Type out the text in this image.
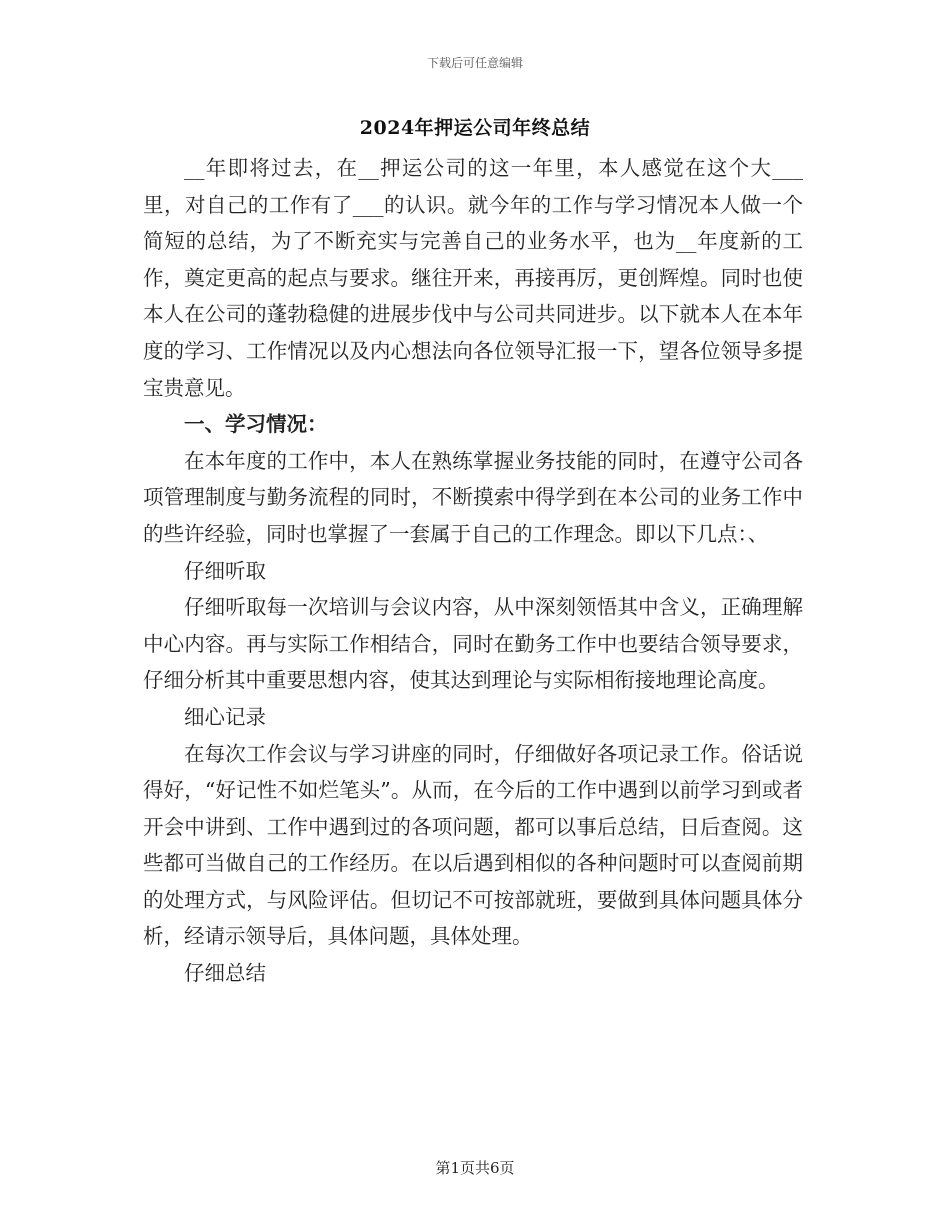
下载后可任意编辑
2024年押运公司年终总结

__年即将过去，在__押运公司的这一年里，本人感觉在这个大___里，对自己的工作有了___的认识。就今年的工作与学习情况本人做一个简短的总结，为了不断充实与完善自己的业务水平，也为__年度新的工作，奠定更高的起点与要求。继往开来，再接再厉，更创辉煌。同时也使本人在公司的蓬勃稳健的进展步伐中与公司共同进步。以下就本人在本年度的学习、工作情况以及内心想法向各位领导汇报一下，望各位领导多提宝贵意见。

一、学习情况：

在本年度的工作中，本人在熟练掌握业务技能的同时，在遵守公司各项管理制度与勤务流程的同时，不断摸索中得学到在本公司的业务工作中的些许经验，同时也掌握了一套属于自己的工作理念。即以下几点：、

仔细听取

仔细听取每一次培训与会议内容，从中深刻领悟其中含义，正确理解中心内容。再与实际工作相结合，同时在勤务工作中也要结合领导要求，仔细分析其中重要思想内容，使其达到理论与实际相衔接地理论高度。

细心记录

在每次工作会议与学习讲座的同时，仔细做好各项记录工作。俗话说得好，“好记性不如烂笔头”。从而，在今后的工作中遇到以前学习到或者开会中讲到、工作中遇到过的各项问题，都可以事后总结，日后查阅。这些都可当做自己的工作经历。在以后遇到相似的各种问题时可以查阅前期的处理方式，与风险评估。但切记不可按部就班，要做到具体问题具体分析，经请示领导后，具体问题，具体处理。

仔细总结

第1页共6页
